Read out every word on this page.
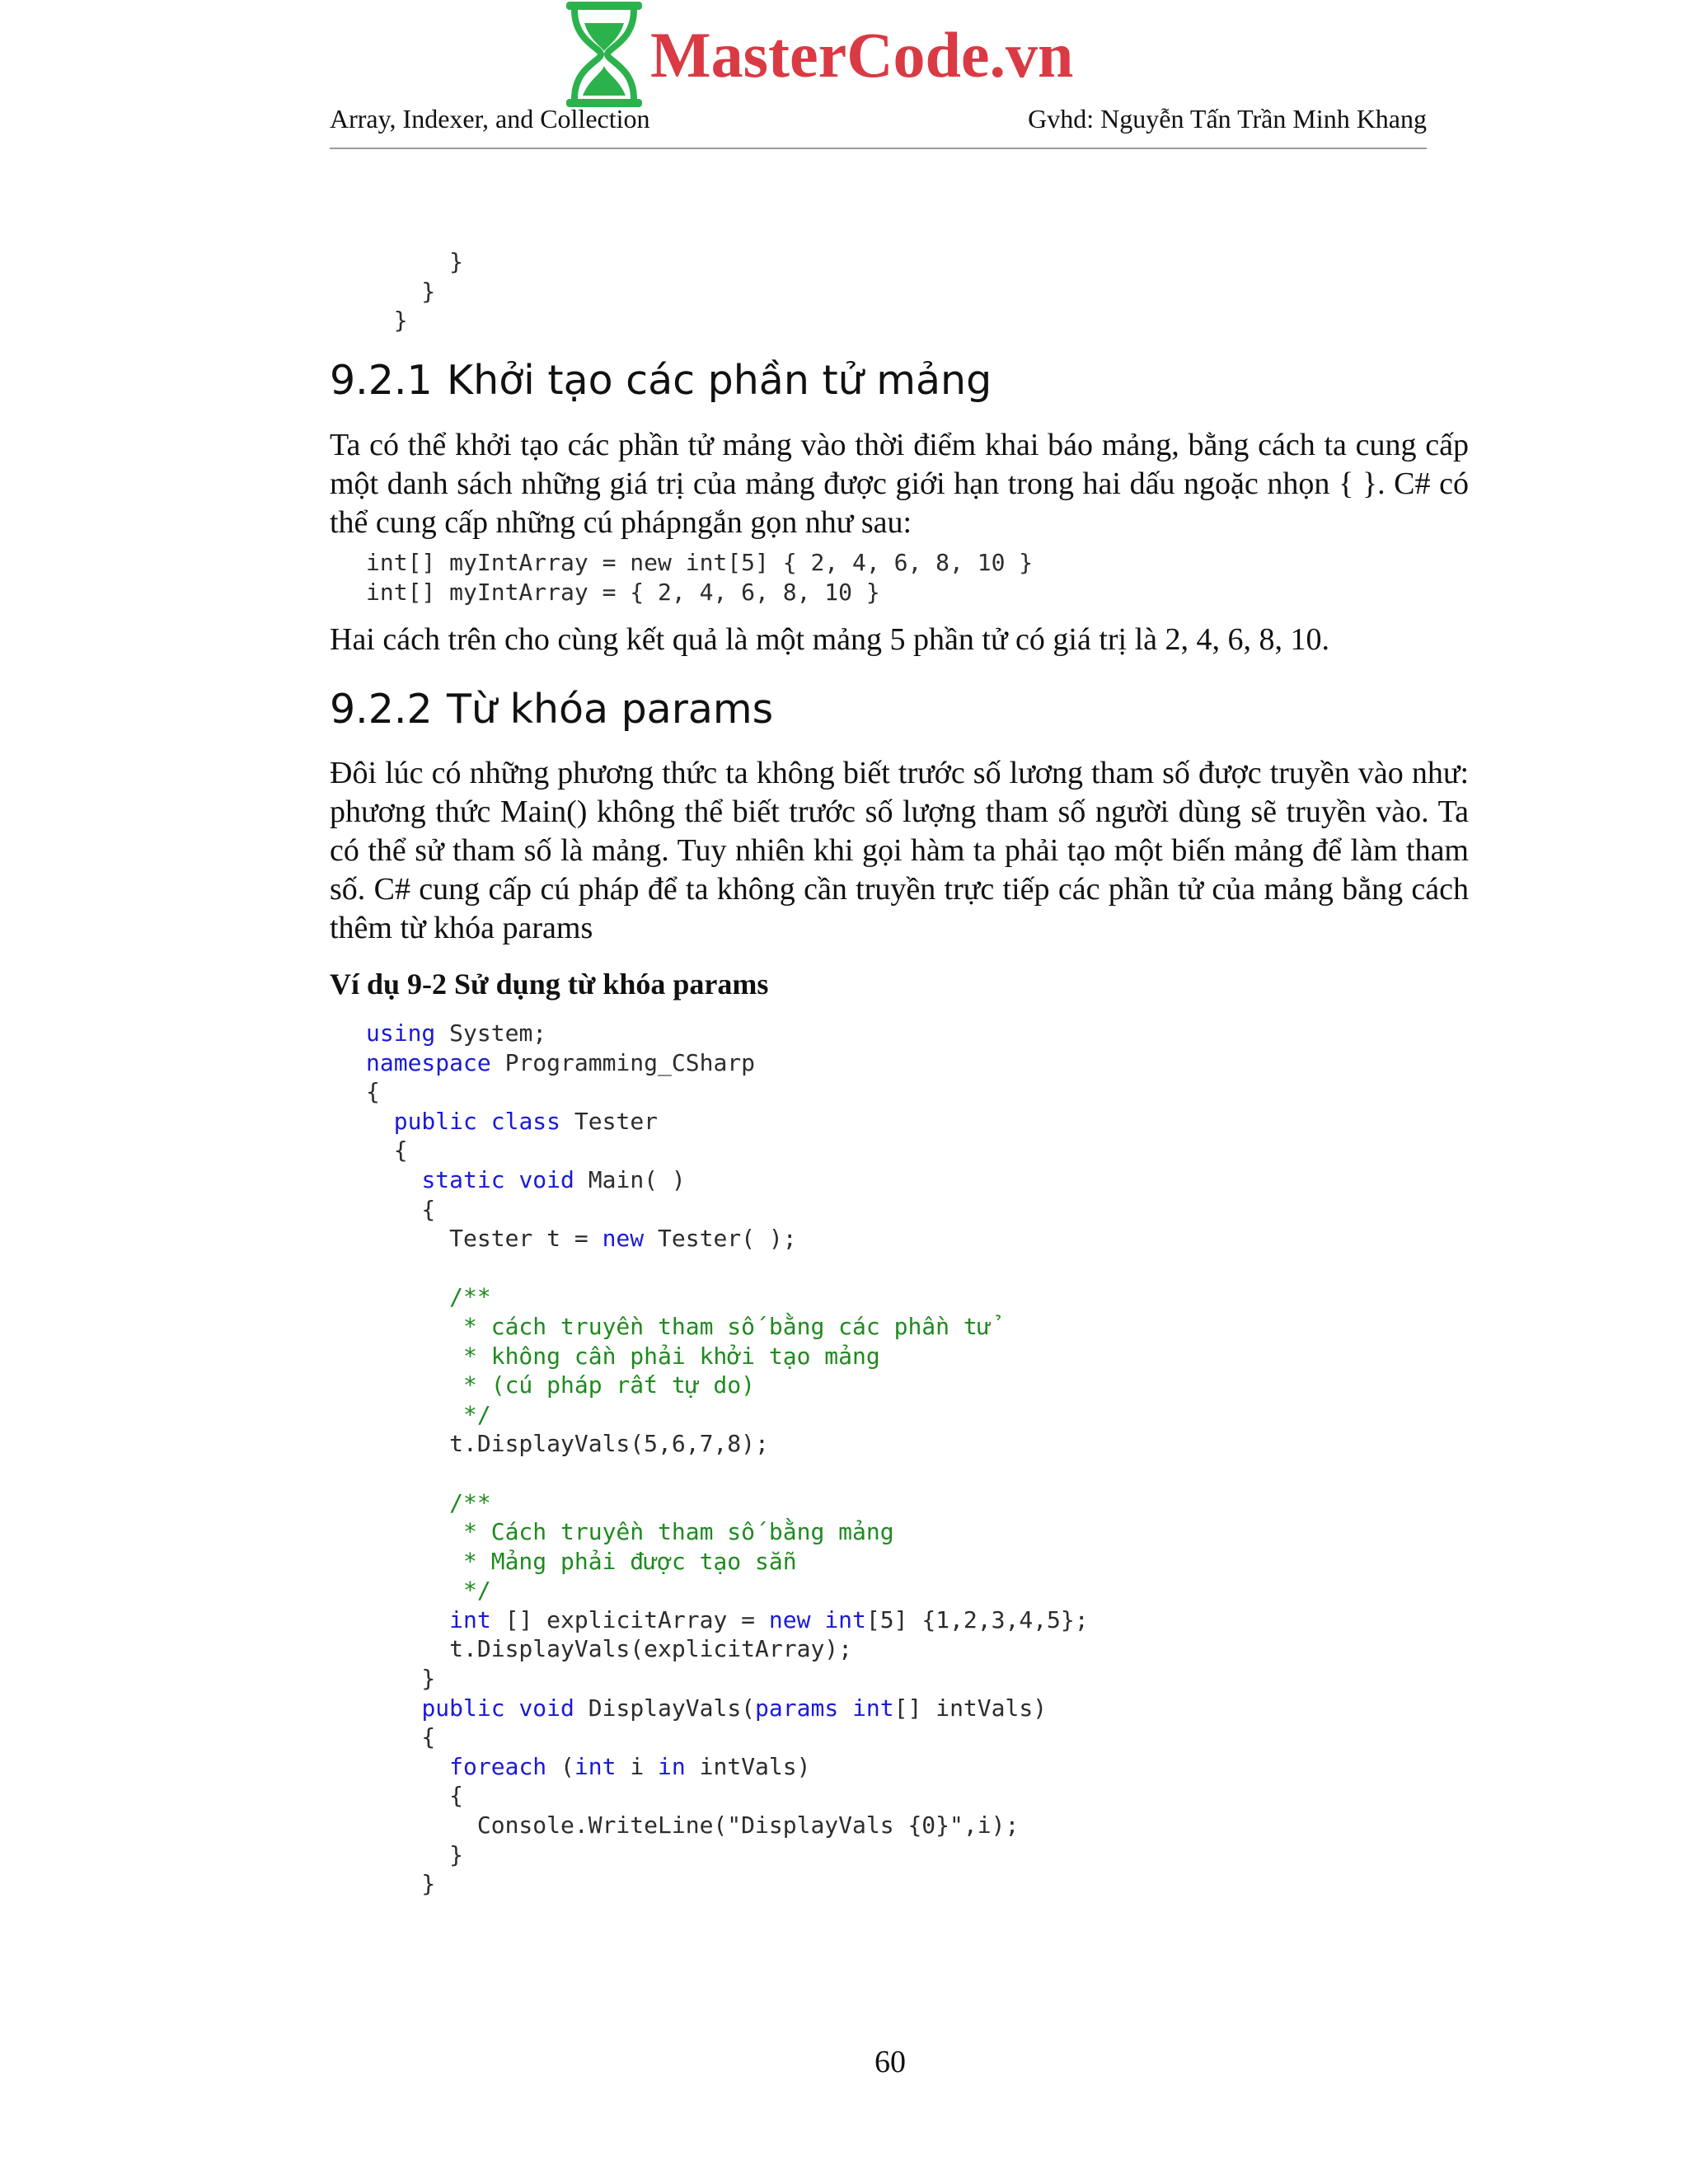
MasterCode.vn
Array, Indexer, and Collection	Gvhd: Nguyễn Tấn Trần Minh Khang
}
}
}
9.2.1 Khởi tạo các phần tử mảng

Ta có thể khởi tạo các phần tử mảng vào thời điểm khai báo mảng, bằng cách ta cung cấp một danh sách những giá trị của mảng được giới hạn trong hai dấu ngoặc nhọn { }. C# có thể cung cấp những cú phápngắn gọn như sau:

int[] myIntArray = new int[5] { 2, 4, 6, 8, 10 }
int[] myIntArray = { 2, 4, 6, 8, 10 }

Hai cách trên cho cùng kết quả là một mảng 5 phần tử có giá trị là 2, 4, 6, 8, 10.

9.2.2 Từ khóa params

Đôi lúc có những phương thức ta không biết trước số lương tham số được truyền vào như: phương thức Main() không thể biết trước số lượng tham số người dùng sẽ truyền vào. Ta có thể sử tham số là mảng. Tuy nhiên khi gọi hàm ta phải tạo một biến mảng để làm tham số. C# cung cấp cú pháp để ta không cần truyền trực tiếp các phần tử của mảng bằng cách thêm từ khóa params

Ví dụ 9-2 Sử dụng từ khóa params
using System;
namespace Programming_CSharp
{
public class Tester
{
static void Main( )
{
Tester t = new Tester( );
/**
* cách truyền tham số bằng các phần tử
* không cần phải khởi tạo mảng
* (cú pháp rất tự do)
*/
t.DisplayVals(5,6,7,8);
/**
* Cách truyền tham số bằng mảng
* Mảng phải được tạo sẵn
*/
int [] explicitArray = new int[5] {1,2,3,4,5};
t.DisplayVals(explicitArray);
}
public void DisplayVals(params int[] intVals)
{
foreach (int i in intVals)
{
Console.WriteLine("DisplayVals {0}",i);
}
}
60
